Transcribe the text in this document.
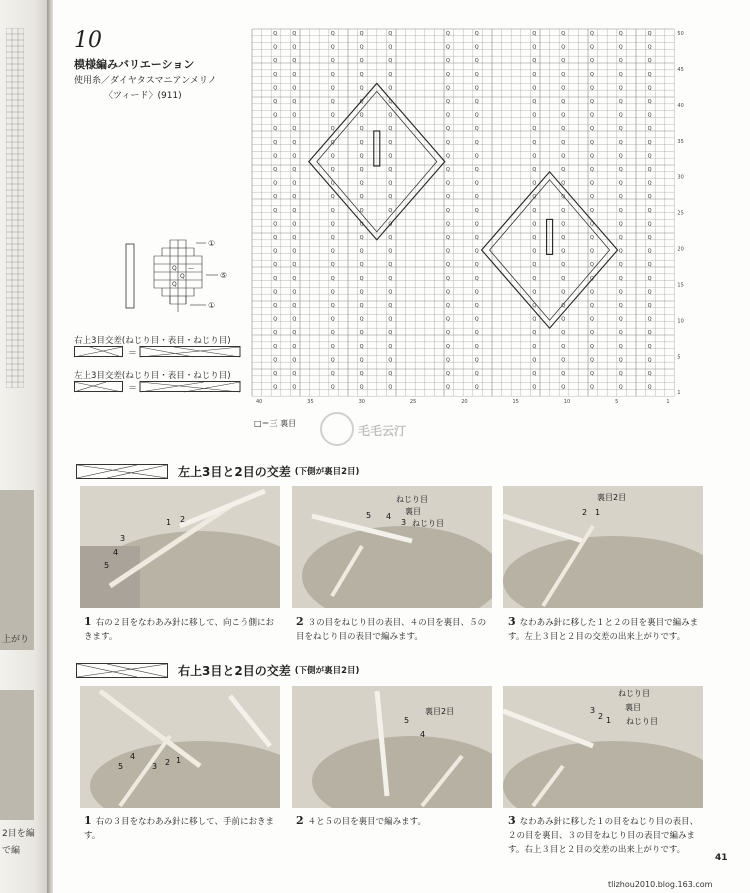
上がり
2目を編
で編
10
模様編みバリエーション
使用糸／ダイヤタスマニアンメリノ
〈ツィード〉(911)
Q
Q
Q
—
①
⑤
①
右上3目交差(ねじり目・表目・ねじり目)
＝
左上3目交差(ねじり目・表目・ねじり目)
＝
Q
Q
Q
Q
Q
Q
Q
Q
Q
Q
Q
Q
Q
Q
Q
Q
Q
Q
Q
Q
Q
Q
Q
Q
Q
Q
Q
Q
Q
Q
Q
Q
Q
Q
Q
Q
Q
Q
Q
Q
Q
Q
Q
Q
Q
Q
Q
Q
Q
Q
Q
Q
Q
Q
Q
Q
Q
Q
Q
Q
Q
Q
Q
Q
Q
Q
Q
Q
Q
Q
Q
Q
Q
Q
Q
Q
Q
Q
Q
Q
Q
Q
Q
Q
Q
Q
Q
Q
Q
Q
Q
Q
Q
Q
Q
Q
Q
Q
Q
Q
Q
Q
Q
Q
Q
Q
Q
Q
Q
Q
Q
Q
Q
Q
Q
Q
Q
Q
Q
Q
Q
Q
Q
Q
Q
Q
Q
Q
Q
Q
Q
Q
Q
Q
Q
Q
Q
Q
Q
Q
Q
Q
Q
Q
Q
Q
Q
Q
Q
Q
Q
Q
Q
Q
Q
Q
Q
Q
Q
Q
Q
Q
Q
Q
Q
Q
Q
Q
Q
Q
Q
Q
Q
Q
Q
Q
Q
Q
Q
Q
Q
Q
Q
Q
Q
Q
Q
Q
Q
Q
Q
Q
Q
Q
Q
Q
Q
Q
Q
Q
Q
Q
Q
Q
Q
Q
Q
Q
Q
Q
Q
Q
Q
Q
Q
Q
Q
Q
Q
Q
Q
Q
Q
Q
Q
Q
Q
Q
Q
Q
Q
Q
Q
Q
Q
Q
Q
Q
Q
Q
Q
Q
Q
Q
Q
Q
Q
Q
Q
Q
Q
Q
Q
Q
Q
Q
Q
Q
Q
Q
Q
Q
Q
Q
Q
Q
Q
Q
Q
Q
Q
Q
Q
Q
Q
Q
Q
Q
Q
Q
Q
Q
Q
Q
Q
Q
Q
Q
Q
Q
Q
Q
Q
Q
Q
Q
Q
Q
Q
Q
Q
Q
Q
Q
Q
Q
Q
Q
Q
Q
Q
Q
Q
Q
Q
Q
Q
Q
Q
Q
Q
Q
Q
Q
50
45
40
35
30
25
20
15
10
5
1
40	35	30	25	20	15	10	5	1
□＝三 裏目
毛毛云汀
左上3目と2目の交差 (下側が裏目2目)
2
1
3
4
5
ねじり目
裏目
ねじり目
5 4
3
裏目2目
2 1
1 右の２目をなわあみ針に移して、向こう側におきます。
2 ３の目をねじり目の表目、４の目を裏目、５の目をねじり目の表目で編みます。
3 なわあみ針に移した１と２の目を裏目で編みます。左上３目と２目の交差の出来上がりです。
右上3目と2目の交差 (下側が裏目2目)
4
5	3 2 1
裏目2目
5
4
ねじり目
裏目
ねじり目
3
2 1
1 右の３目をなわあみ針に移して、手前におきます。
2 ４と５の目を裏目で編みます。	3 なわあみ針に移した１の目をねじり目の表目、２の目を裏目、３の目をねじり目の表目で編みます。右上３目と２目の交差の出来上がりです。
41
tlizhou2010.blog.163.com
